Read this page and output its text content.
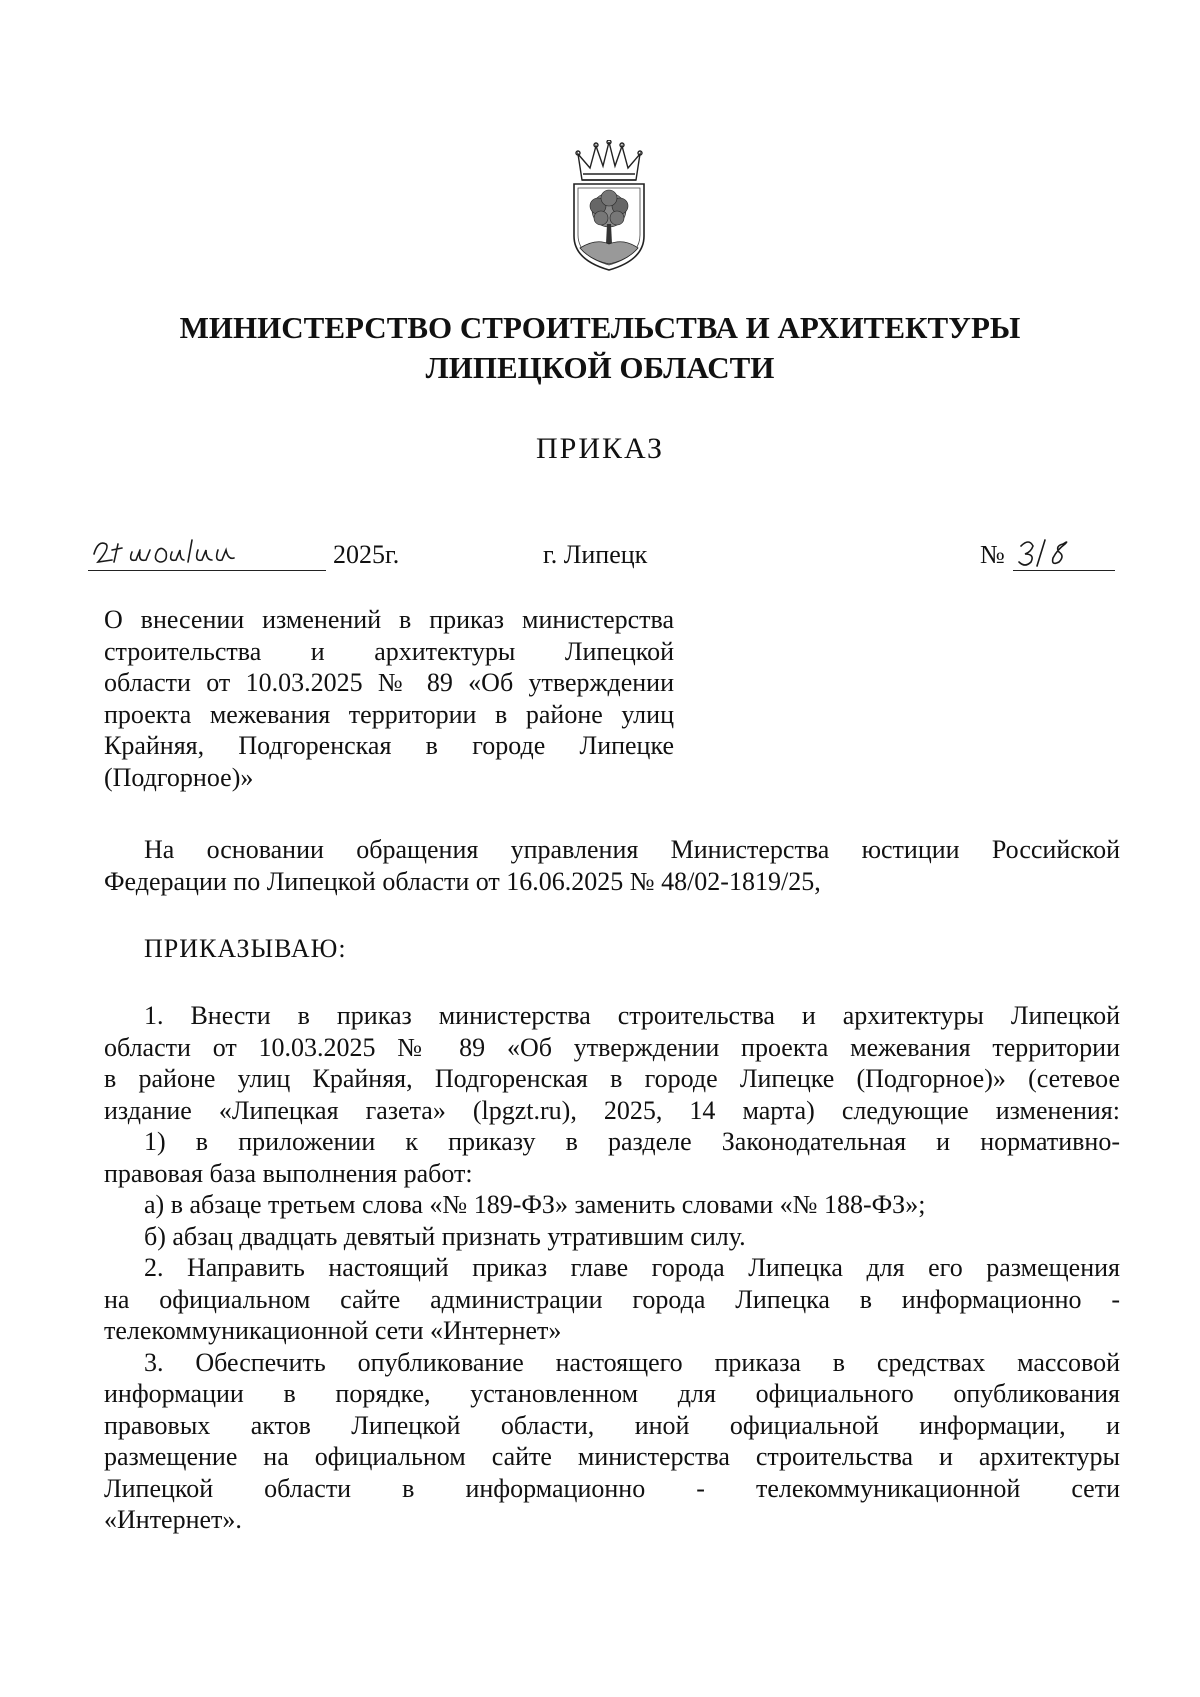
МИНИСТЕРСТВО СТРОИТЕЛЬСТВА И АРХИТЕКТУРЫ
ЛИПЕЦКОЙ ОБЛАСТИ
ПРИКАЗ
2025г.	г. Липецк	№
О внесении изменений в приказ министерства
строительства и архитектуры Липецкой
области от 10.03.2025 № 89 «Об утверждении
проекта межевания территории в районе улиц
Крайняя, Подгоренская в городе Липецке
(Подгорное)»
На основании обращения управления Министерства юстиции Российской
Федерации по Липецкой области от 16.06.2025 № 48/02-1819/25,
ПРИКАЗЫВАЮ:
1. Внести в приказ министерства строительства и архитектуры Липецкой
области от 10.03.2025 № 89 «Об утверждении проекта межевания территории
в районе улиц Крайняя, Подгоренская в городе Липецке (Подгорное)» (сетевое
издание «Липецкая газета» (lpgzt.ru), 2025, 14 марта) следующие изменения:
1) в приложении к приказу в разделе Законодательная и нормативно-
правовая база выполнения работ:
а) в абзаце третьем слова «№ 189-ФЗ» заменить словами «№ 188-ФЗ»;
б) абзац двадцать девятый признать утратившим силу.
2. Направить настоящий приказ главе города Липецка для его размещения
на официальном сайте администрации города Липецка в информационно -
телекоммуникационной сети «Интернет»
3. Обеспечить опубликование настоящего приказа в средствах массовой
информации в порядке, установленном для официального опубликования
правовых актов Липецкой области, иной официальной информации, и
размещение на официальном сайте министерства строительства и архитектуры
Липецкой области в информационно - телекоммуникационной сети
«Интернет».
